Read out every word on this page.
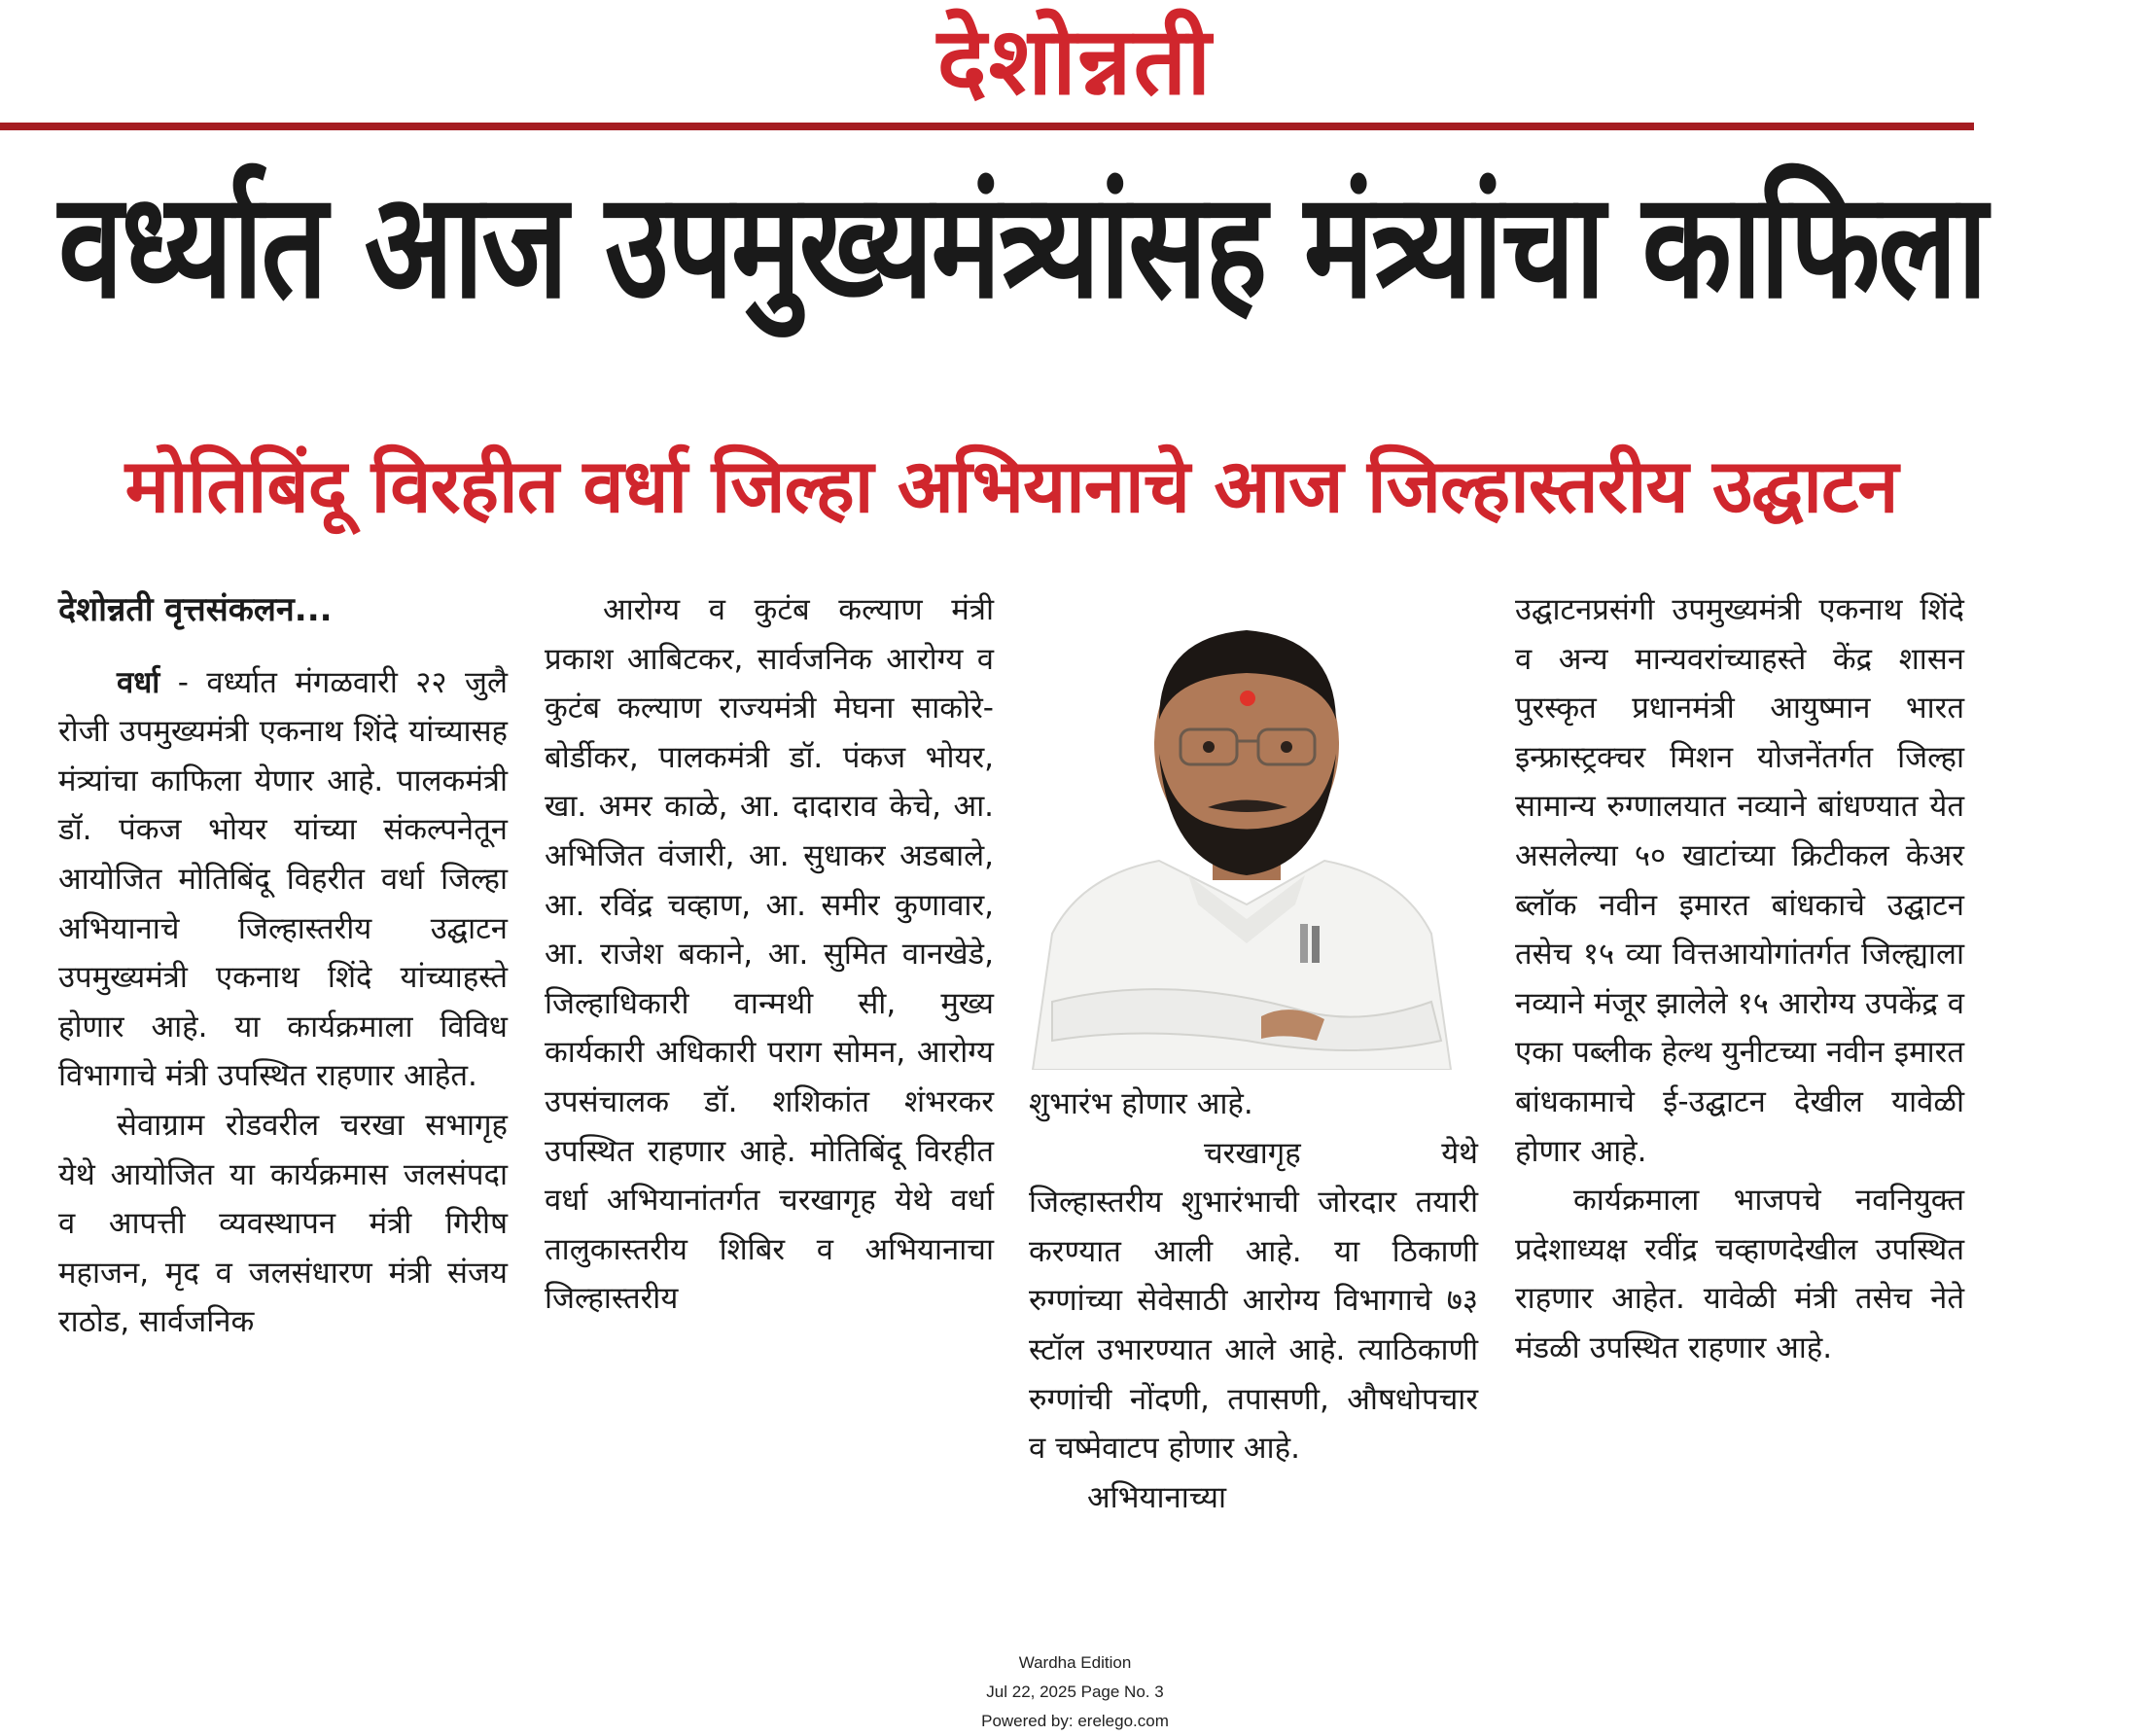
देशोन्नती
वर्ध्यात आज उपमुख्यमंत्र्यांसह मंत्र्यांचा काफिला
मोतिबिंदू विरहीत वर्धा जिल्हा अभियानाचे आज जिल्हास्तरीय उद्घाटन

देशोन्नती वृत्तसंकलन...

वर्धा - वर्ध्यात मंगळवारी २२ जुलै रोजी उपमुख्यमंत्री एकनाथ शिंदे यांच्यासह मंत्र्यांचा काफिला येणार आहे. पालकमंत्री डॉ. पंकज भोयर यांच्या संकल्पनेतून आयोजित मोतिबिंदू विहरीत वर्धा जिल्हा अभियानाचे जिल्हास्तरीय उद्घाटन उपमुख्यमंत्री एकनाथ शिंदे यांच्याहस्ते होणार आहे. या कार्यक्रमाला विविध विभागाचे मंत्री उपस्थित राहणार आहेत.

सेवाग्राम रोडवरील चरखा सभागृह येथे आयोजित या कार्यक्रमास जलसंपदा व आपत्ती व्यवस्थापन मंत्री गिरीष महाजन, मृद व जलसंधारण मंत्री संजय राठोड, सार्वजनिक

आरोग्य व कुटंब कल्याण मंत्री प्रकाश आबिटकर, सार्वजनिक आरोग्य व कुटंब कल्याण राज्यमंत्री मेघना साकोरे- बोर्डीकर, पालकमंत्री डॉ. पंकज भोयर, खा. अमर काळे, आ. दादाराव केचे, आ. अभिजित वंजारी, आ. सुधाकर अडबाले, आ. रविंद्र चव्हाण, आ. समीर कुणावार, आ. राजेश बकाने, आ. सुमित वानखेडे, जिल्हाधिकारी वान्मथी सी, मुख्य कार्यकारी अधिकारी पराग सोमन, आरोग्य उपसंचालक डॉ. शशिकांत शंभरकर उपस्थित राहणार आहे. मोतिबिंदू विरहीत वर्धा अभियानांतर्गत चरखागृह येथे वर्धा तालुकास्तरीय शिबिर व अभियानाचा जिल्हास्तरीय

शुभारंभ होणार आहे.

चरखागृह येथे जिल्हास्तरीय शुभारंभाची जोरदार तयारी करण्यात आली आहे. या ठिकाणी रुग्णांच्या सेवेसाठी आरोग्य विभागाचे ७३ स्टॉल उभारण्यात आले आहे. त्याठिकाणी रुग्णांची नोंदणी, तपासणी, औषधोपचार व चष्मेवाटप होणार आहे.

अभियानाच्या

उद्घाटनप्रसंगी उपमुख्यमंत्री एकनाथ शिंदे व अन्य मान्यवरांच्याहस्ते केंद्र शासन पुरस्कृत प्रधानमंत्री आयुष्मान भारत इन्फ्रास्ट्रक्चर मिशन योजनेंतर्गत जिल्हा सामान्य रुग्णालयात नव्याने बांधण्यात येत असलेल्या ५० खाटांच्या क्रिटीकल केअर ब्लॉक नवीन इमारत बांधकाचे उद्घाटन तसेच १५ व्या वित्तआयोगांतर्गत जिल्ह्याला नव्याने मंजूर झालेले १५ आरोग्य उपकेंद्र व एका पब्लीक हेल्थ युनीटच्या नवीन इमारत बांधकामाचे ई-उद्घाटन देखील यावेळी होणार आहे.

कार्यक्रमाला भाजपचे नवनियुक्त प्रदेशाध्यक्ष रवींद्र चव्हाणदेखील उपस्थित राहणार आहेत. यावेळी मंत्री तसेच नेते मंडळी उपस्थित राहणार आहे.

Wardha Edition
Jul 22, 2025 Page No. 3
Powered by: erelego.com
